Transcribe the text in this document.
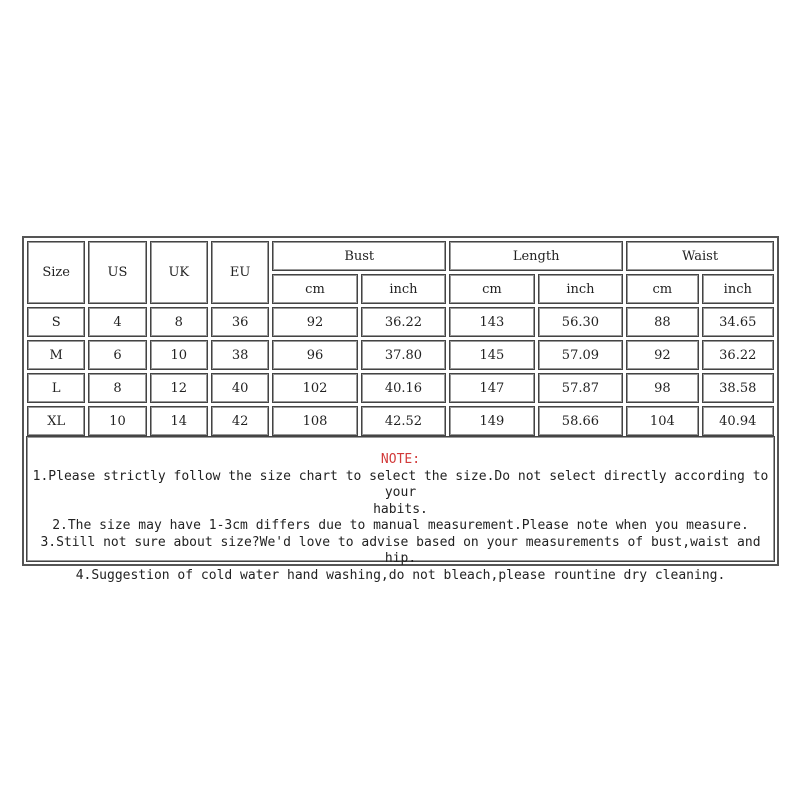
Size	US	UK	EU	Bust		Length		Waist	
				cm	inch	cm	inch	cm	inch
S	4	8	36	92	36.22	143	56.30	88	34.65
M	6	10	38	96	37.80	145	57.09	92	36.22
L	8	12	40	102	40.16	147	57.87	98	38.58
XL	10	14	42	108	42.52	149	58.66	104	40.94
NOTE:
1.Please strictly follow the size chart to select the size.Do not select directly according to your
habits.
2.The size may have 1-3cm differs due to manual measurement.Please note when you measure.
3.Still not sure about size?We'd love to advise based on your measurements of bust,waist and hip.
4.Suggestion of cold water hand washing,do not bleach,please rountine dry cleaning.
